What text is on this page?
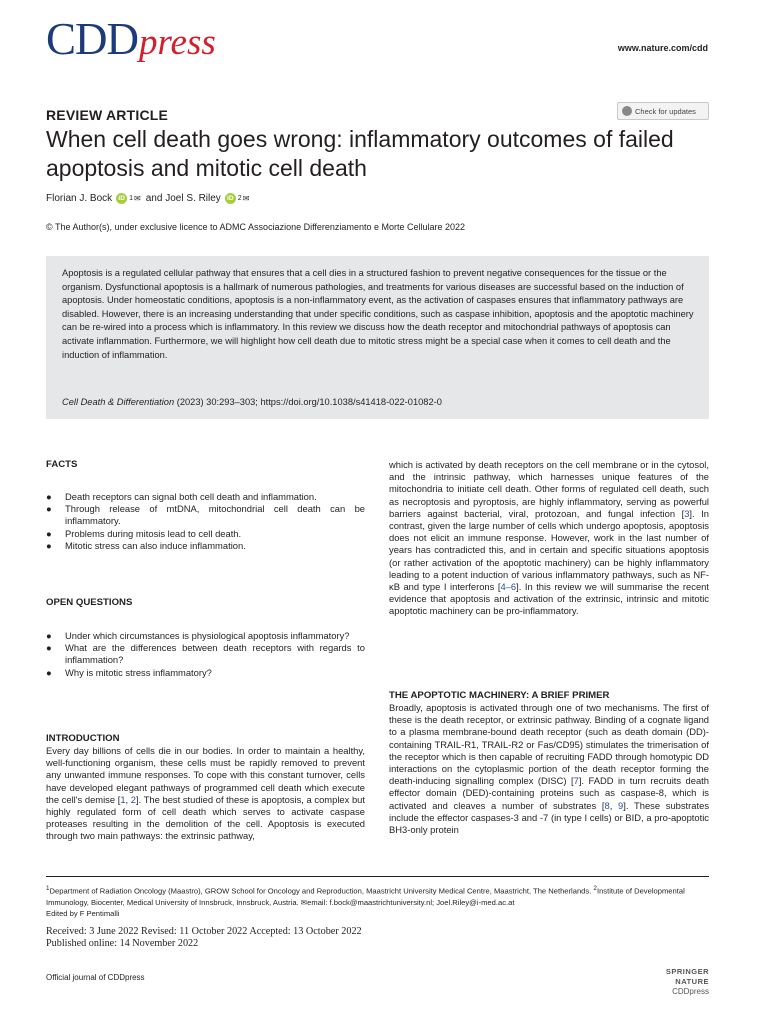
CDDpress	www.nature.com/cdd
REVIEW ARTICLE	Check for updates
When cell death goes wrong: inflammatory outcomes of failed apoptosis and mitotic cell death
Florian J. Bock iD 1 ✉ and Joel S. Riley iD 2 ✉
© The Author(s), under exclusive licence to ADMC Associazione Differenziamento e Morte Cellulare 2022
Apoptosis is a regulated cellular pathway that ensures that a cell dies in a structured fashion to prevent negative consequences for the tissue or the organism. Dysfunctional apoptosis is a hallmark of numerous pathologies, and treatments for various diseases are successful based on the induction of apoptosis. Under homeostatic conditions, apoptosis is a non-inflammatory event, as the activation of caspases ensures that inflammatory pathways are disabled. However, there is an increasing understanding that under specific conditions, such as caspase inhibition, apoptosis and the apoptotic machinery can be re-wired into a process which is inflammatory. In this review we discuss how the death receptor and mitochondrial pathways of apoptosis can activate inflammation. Furthermore, we will highlight how cell death due to mitotic stress might be a special case when it comes to cell death and the induction of inflammation.
Cell Death & Differentiation (2023) 30:293–303; https://doi.org/10.1038/s41418-022-01082-0
FACTS
●	Death receptors can signal both cell death and inflammation.
●	Through release of mtDNA, mitochondrial cell death can be inflammatory.
●	Problems during mitosis lead to cell death.
●	Mitotic stress can also induce inflammation.
OPEN QUESTIONS
●	Under which circumstances is physiological apoptosis inflammatory?
●	What are the differences between death receptors with regards to inflammation?
●	Why is mitotic stress inflammatory?
INTRODUCTION
Every day billions of cells die in our bodies. In order to maintain a healthy, well-functioning organism, these cells must be rapidly removed to prevent any unwanted immune responses. To cope with this constant turnover, cells have developed elegant pathways of programmed cell death which execute the cell's demise [1, 2]. The best studied of these is apoptosis, a complex but highly regulated form of cell death which serves to activate caspase proteases resulting in the demolition of the cell. Apoptosis is executed through two main pathways: the extrinsic pathway,
which is activated by death receptors on the cell membrane or in the cytosol, and the intrinsic pathway, which harnesses unique features of the mitochondria to initiate cell death. Other forms of regulated cell death, such as necroptosis and pyroptosis, are highly inflammatory, serving as powerful barriers against bacterial, viral, protozoan, and fungal infection [3]. In contrast, given the large number of cells which undergo apoptosis, apoptosis does not elicit an immune response. However, work in the last number of years has contradicted this, and in certain and specific situations apoptosis (or rather activation of the apoptotic machinery) can be highly inflammatory leading to a potent induction of various inflammatory pathways, such as NF-κB and type I interferons [4–6]. In this review we will summarise the recent evidence that apoptosis and activation of the extrinsic, intrinsic and mitotic apoptotic machinery can be pro-inflammatory.
THE APOPTOTIC MACHINERY: A BRIEF PRIMER
Broadly, apoptosis is activated through one of two mechanisms. The first of these is the death receptor, or extrinsic pathway. Binding of a cognate ligand to a plasma membrane-bound death receptor (such as death domain (DD)-containing TRAIL-R1, TRAIL-R2 or Fas/CD95) stimulates the trimerisation of the receptor which is then capable of recruiting FADD through homotypic DD interactions on the cytoplasmic portion of the death receptor forming the death-inducing signalling complex (DISC) [7]. FADD in turn recruits death effector domain (DED)-containing proteins such as caspase-8, which is activated and cleaves a number of substrates [8, 9]. These substrates include the effector caspases-3 and -7 (in type I cells) or BID, a pro-apoptotic BH3-only protein
$^1$Department of Radiation Oncology (Maastro), GROW School for Oncology and Reproduction, Maastricht University Medical Centre, Maastricht, The Netherlands. $^2$Institute of Developmental Immunology, Biocenter, Medical University of Innsbruck, Innsbruck, Austria. ✉email: f.bock@maastrichtuniversity.nl; Joel.Riley@i-med.ac.at
Edited by F Pentimalli
Received: 3 June 2022 Revised: 11 October 2022 Accepted: 13 October 2022
Published online: 14 November 2022
Official journal of CDDpress
SPRINGER NATURE
CDDpress
